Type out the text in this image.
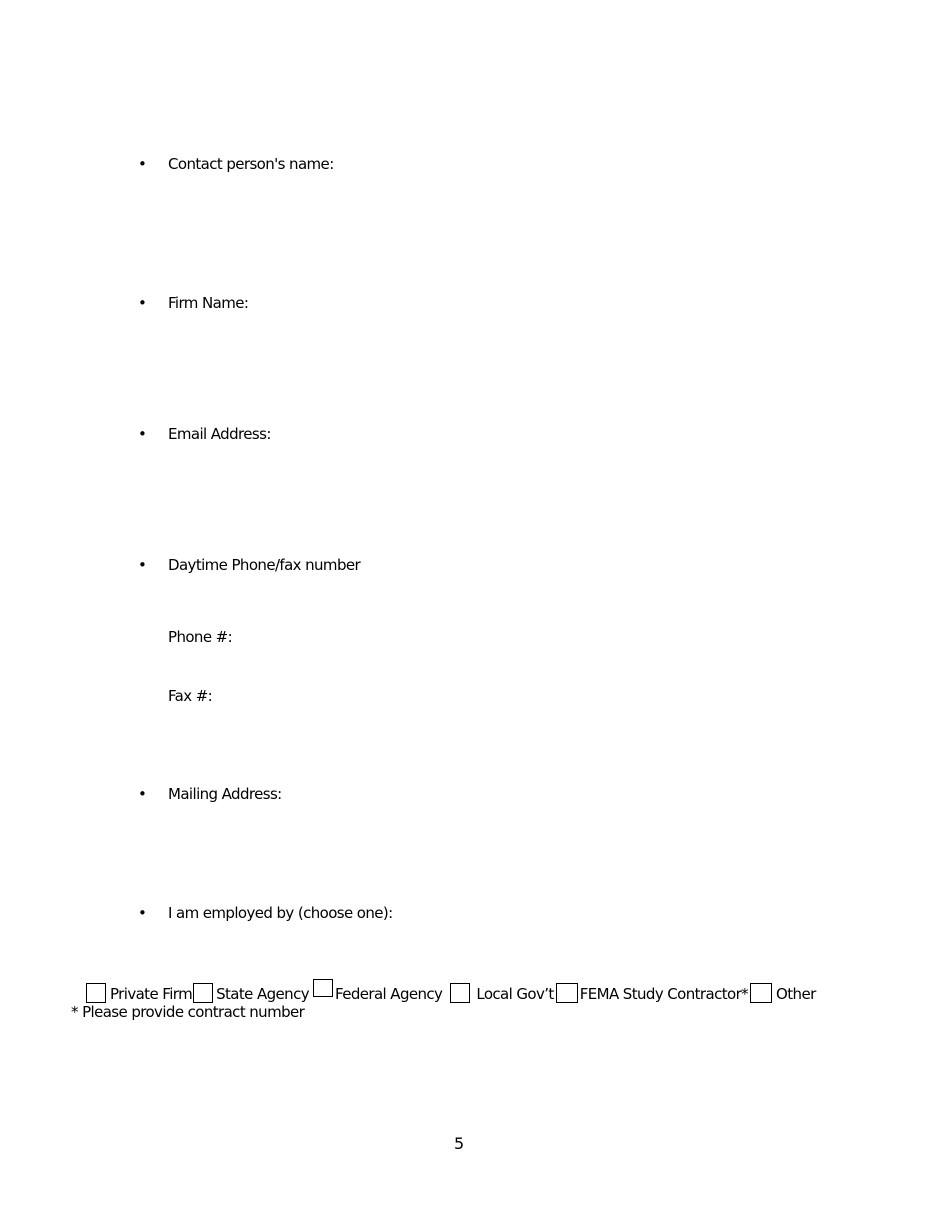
• Contact person's name:
• Firm Name:
• Email Address:
• Daytime Phone/fax number
Phone #:
Fax #:
• Mailing Address:
• I am employed by (choose one):
Private Firm State Agency Federal Agency Local Gov’t FEMA Study Contractor* Other
* Please provide contract number
5
